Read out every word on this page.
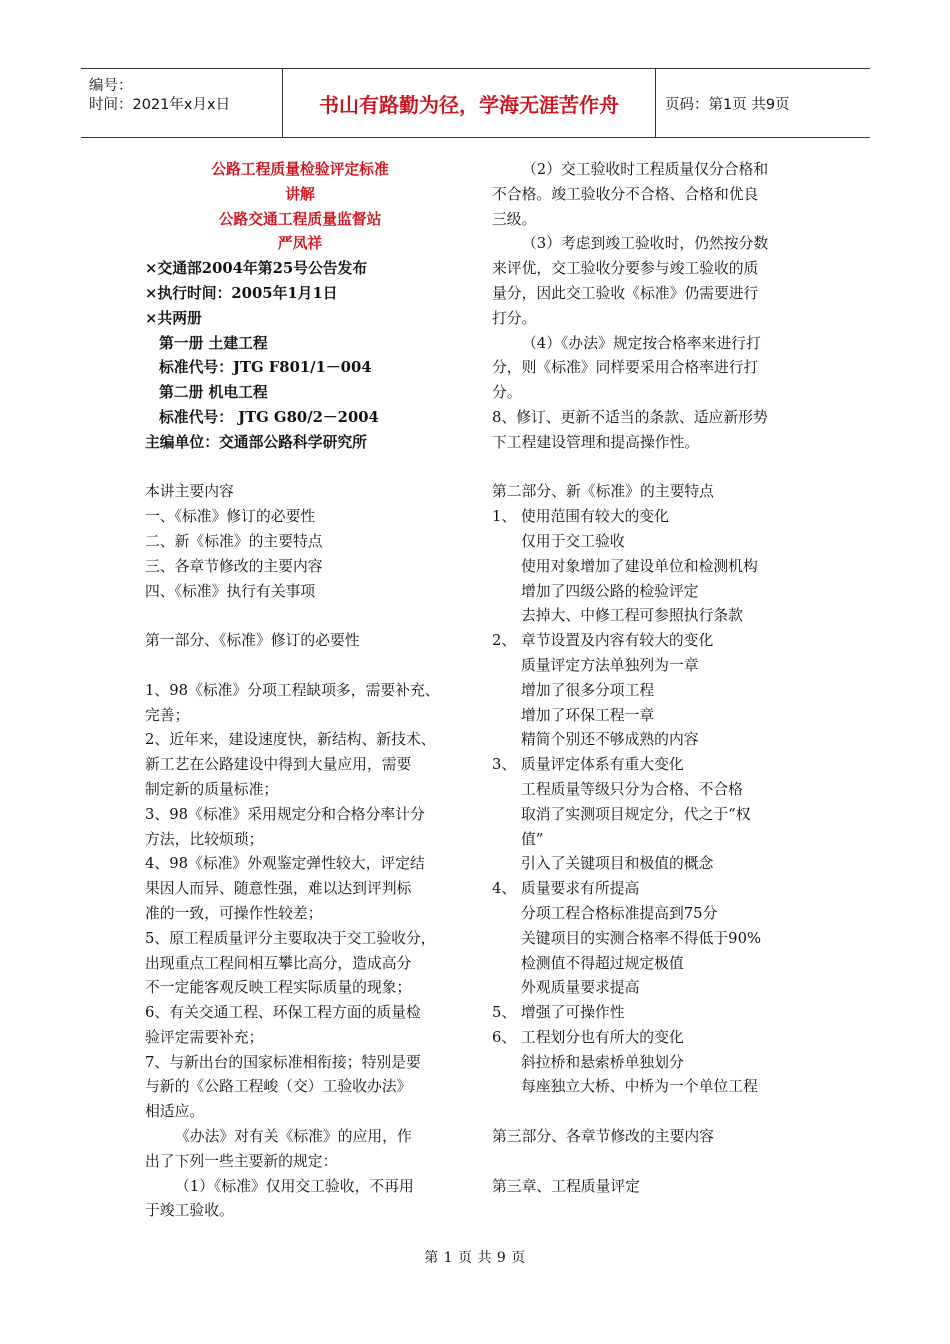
编号：
时间：2021年x月x日	书山有路勤为径，学海无涯苦作舟	页码：第1页 共9页
公路工程质量检验评定标准
讲解
公路交通工程质量监督站
严凤祥
×交通部2004年第25号公告发布
×执行时间：2005年1月1日
×共两册
第一册 土建工程
标准代号：JTG F801/1－004
第二册 机电工程
标准代号： JTG G80/2－2004
主编单位：交通部公路科学研究所
本讲主要内容
一、《标准》修订的必要性
二、新《标准》的主要特点
三、各章节修改的主要内容
四、《标准》执行有关事项
第一部分、《标准》修订的必要性
1、98《标准》分项工程缺项多，需要补充、
完善；
2、近年来，建设速度快，新结构、新技术、
新工艺在公路建设中得到大量应用，需要
制定新的质量标准；
3、98《标准》采用规定分和合格分率计分
方法，比较烦琐；
4、98《标准》外观鉴定弹性较大，评定结
果因人而异、随意性强，难以达到评判标
准的一致，可操作性较差；
5、原工程质量评分主要取决于交工验收分，
出现重点工程间相互攀比高分，造成高分
不一定能客观反映工程实际质量的现象；
6、有关交通工程、环保工程方面的质量检
验评定需要补充；
7、与新出台的国家标准相衔接；特别是要
与新的《公路工程峻（交）工验收办法》
相适应。
《办法》对有关《标准》的应用，作
出了下列一些主要新的规定：
（1）《标准》仅用交工验收，不再用
于竣工验收。
（2）交工验收时工程质量仅分合格和
不合格。竣工验收分不合格、合格和优良
三级。
（3）考虑到竣工验收时，仍然按分数
来评优，交工验收分要参与竣工验收的质
量分，因此交工验收《标准》仍需要进行
打分。
（4）《办法》规定按合格率来进行打
分，则《标准》同样要采用合格率进行打
分。
8、修订、更新不适当的条款、适应新形势
下工程建设管理和提高操作性。
第二部分、新《标准》的主要特点
1、 使用范围有较大的变化
仅用于交工验收
使用对象增加了建设单位和检测机构
增加了四级公路的检验评定
去掉大、中修工程可参照执行条款
2、 章节设置及内容有较大的变化
质量评定方法单独列为一章
增加了很多分项工程
增加了环保工程一章
精简个别还不够成熟的内容
3、 质量评定体系有重大变化
工程质量等级只分为合格、不合格
取消了实测项目规定分，代之于“权
值”
引入了关键项目和极值的概念
4、 质量要求有所提高
分项工程合格标准提高到75分
关键项目的实测合格率不得低于90%
检测值不得超过规定极值
外观质量要求提高
5、 增强了可操作性
6、 工程划分也有所大的变化
斜拉桥和悬索桥单独划分
每座独立大桥、中桥为一个单位工程
第三部分、各章节修改的主要内容
第三章、工程质量评定
第 1 页 共 9 页
